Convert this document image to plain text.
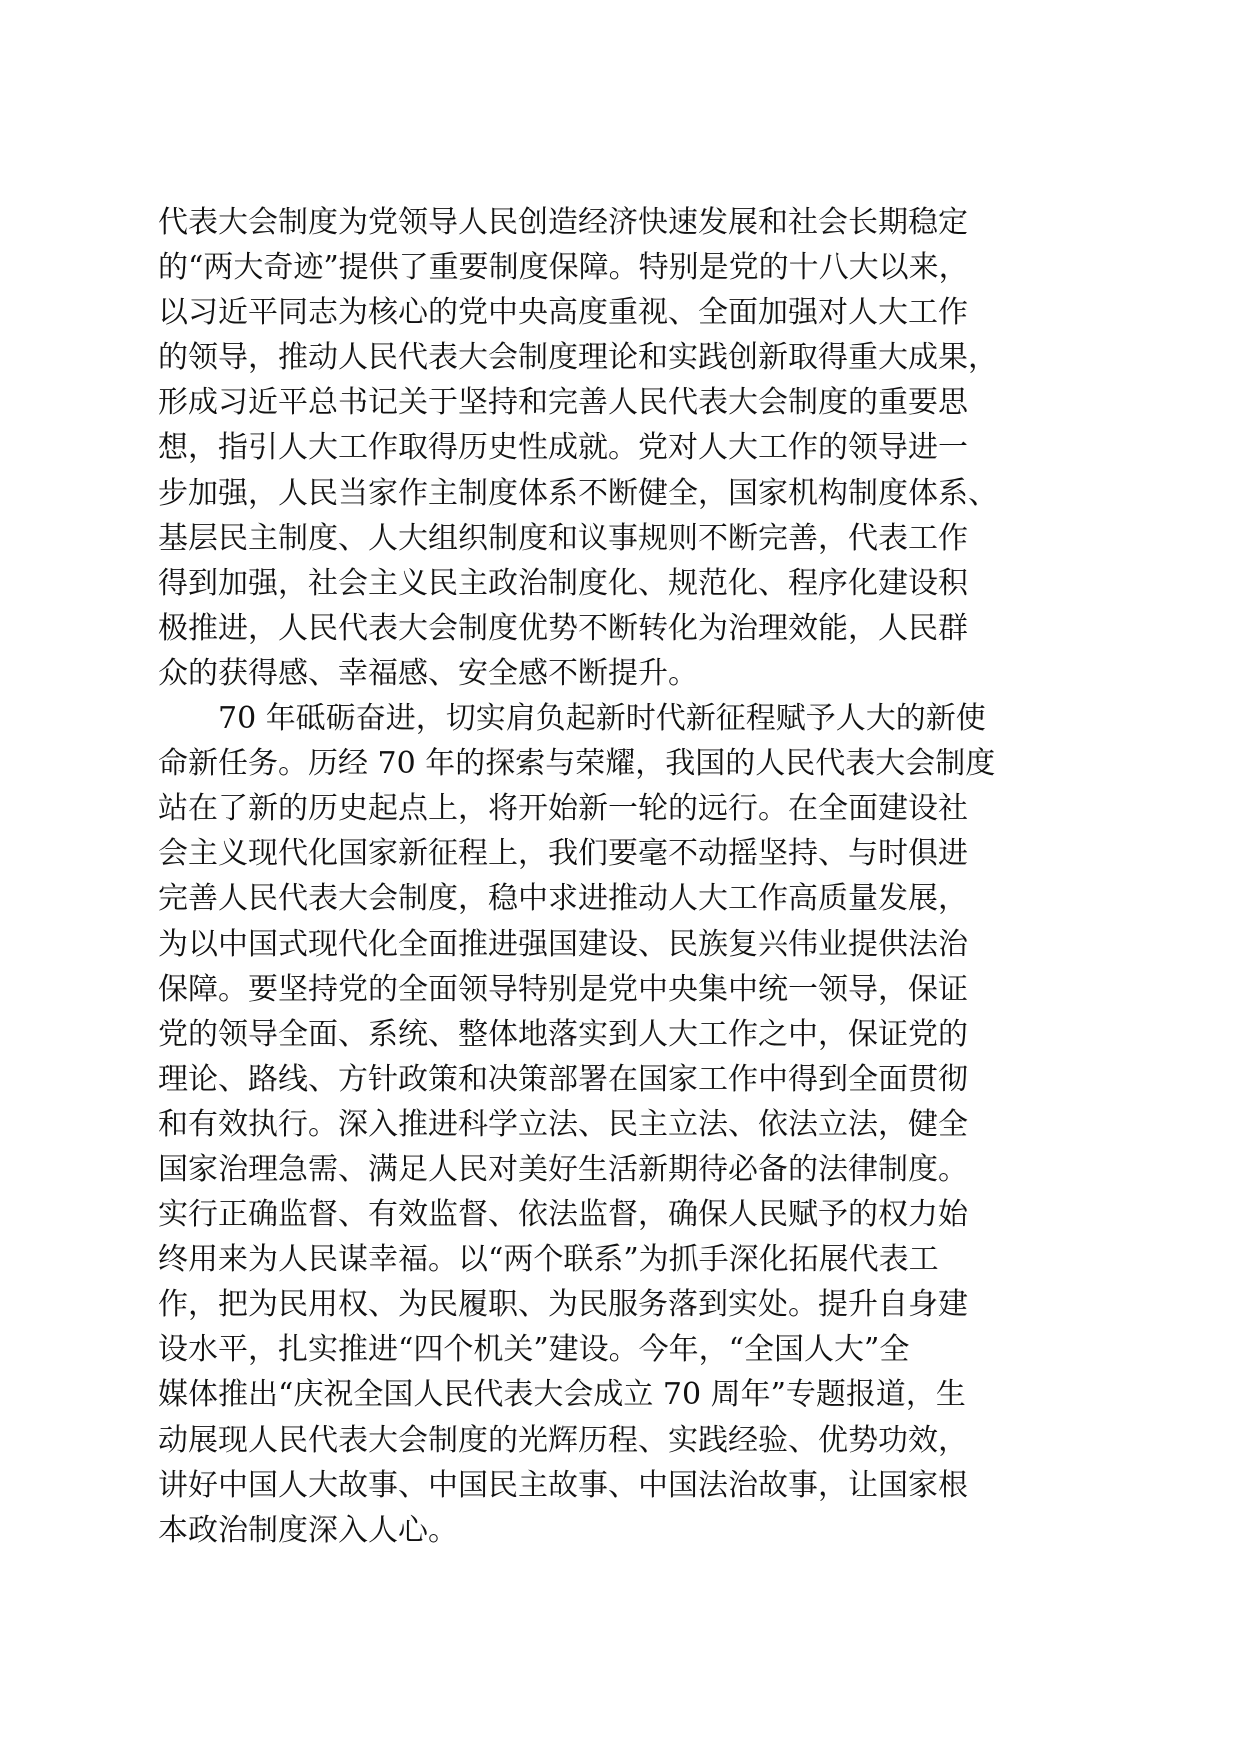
代表大会制度为党领导人民创造经济快速发展和社会长期稳定
的“两大奇迹”提供了重要制度保障。特别是党的十八大以来，
以习近平同志为核心的党中央高度重视、全面加强对人大工作
的领导，推动人民代表大会制度理论和实践创新取得重大成果，
形成习近平总书记关于坚持和完善人民代表大会制度的重要思
想，指引人大工作取得历史性成就。党对人大工作的领导进一
步加强，人民当家作主制度体系不断健全，国家机构制度体系、
基层民主制度、人大组织制度和议事规则不断完善，代表工作
得到加强，社会主义民主政治制度化、规范化、程序化建设积
极推进，人民代表大会制度优势不断转化为治理效能，人民群
众的获得感、幸福感、安全感不断提升。
70 年砥砺奋进，切实肩负起新时代新征程赋予人大的新使
命新任务。历经 70 年的探索与荣耀，我国的人民代表大会制度
站在了新的历史起点上，将开始新一轮的远行。在全面建设社
会主义现代化国家新征程上，我们要毫不动摇坚持、与时俱进
完善人民代表大会制度，稳中求进推动人大工作高质量发展，
为以中国式现代化全面推进强国建设、民族复兴伟业提供法治
保障。要坚持党的全面领导特别是党中央集中统一领导，保证
党的领导全面、系统、整体地落实到人大工作之中，保证党的
理论、路线、方针政策和决策部署在国家工作中得到全面贯彻
和有效执行。深入推进科学立法、民主立法、依法立法，健全
国家治理急需、满足人民对美好生活新期待必备的法律制度。
实行正确监督、有效监督、依法监督，确保人民赋予的权力始
终用来为人民谋幸福。以“两个联系”为抓手深化拓展代表工
作，把为民用权、为民履职、为民服务落到实处。提升自身建
设水平，扎实推进“四个机关”建设。今年，“全国人大”全
媒体推出“庆祝全国人民代表大会成立 70 周年”专题报道，生
动展现人民代表大会制度的光辉历程、实践经验、优势功效，
讲好中国人大故事、中国民主故事、中国法治故事，让国家根
本政治制度深入人心。
